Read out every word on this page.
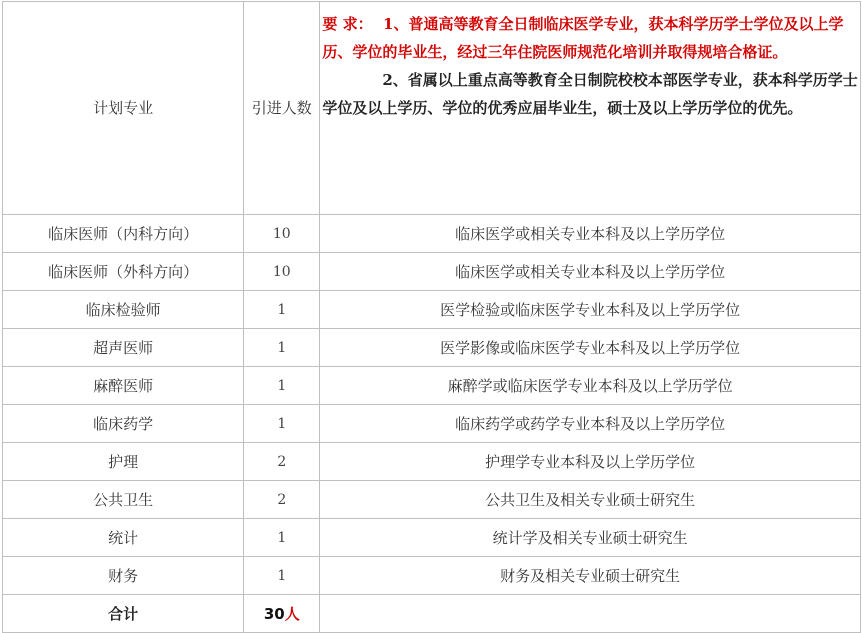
计划专业	引进人数	要 求： 1、普通高等教育全日制临床医学专业，获本科学历学士学位及以上学历、学位的毕业生，经过三年住院医师规范化培训并取得规培合格证。
2、省属以上重点高等教育全日制院校校本部医学专业，获本科学历学士学位及以上学历、学位的优秀应届毕业生，硕士及以上学历学位的优先。

临床医师（内科方向）	10	临床医学或相关专业本科及以上学历学位
临床医师（外科方向）	10	临床医学或相关专业本科及以上学历学位
临床检验师	1	医学检验或临床医学专业本科及以上学历学位
超声医师	1	医学影像或临床医学专业本科及以上学历学位
麻醉医师	1	麻醉学或临床医学专业本科及以上学历学位
临床药学	1	临床药学或药学专业本科及以上学历学位
护理	2	护理学专业本科及以上学历学位
公共卫生	2	公共卫生及相关专业硕士研究生
统计	1	统计学及相关专业硕士研究生
财务	1	财务及相关专业硕士研究生
合计	30人	
